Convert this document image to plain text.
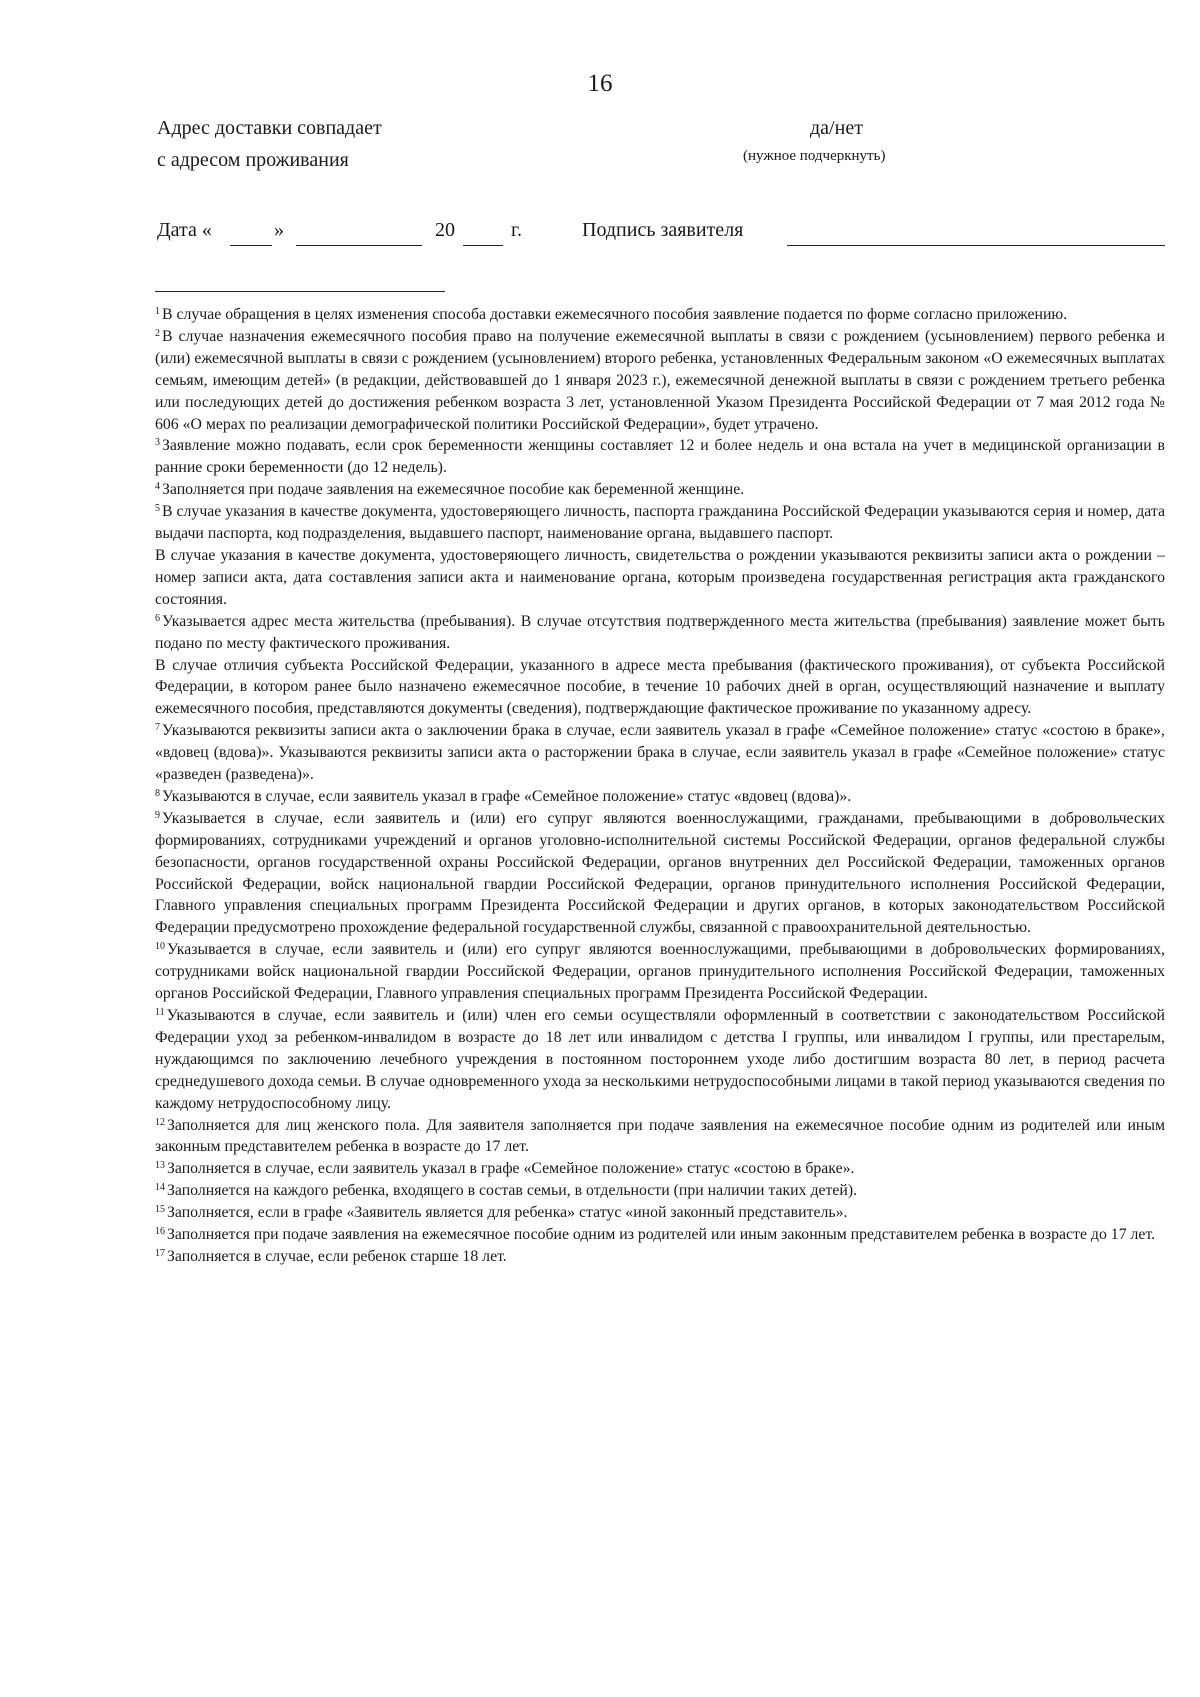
16
Адрес доставки совпадает
с адресом проживания
да/нет
(нужное подчеркнуть)
Дата «	»	20	г.	Подпись заявителя

$^1$ В случае обращения в целях изменения способа доставки ежемесячного пособия заявление подается по форме согласно приложению.

$^2$ В случае назначения ежемесячного пособия право на получение ежемесячной выплаты в связи с рождением (усыновлением) первого ребенка и (или) ежемесячной выплаты в связи с рождением (усыновлением) второго ребенка, установленных Федеральным законом «О ежемесячных выплатах семьям, имеющим детей» (в редакции, действовавшей до 1 января 2023 г.), ежемесячной денежной выплаты в связи с рождением третьего ребенка или последующих детей до достижения ребенком возраста 3 лет, установленной Указом Президента Российской Федерации от 7 мая 2012 года № 606 «О мерах по реализации демографической политики Российской Федерации», будет утрачено.

$^3$ Заявление можно подавать, если срок беременности женщины составляет 12 и более недель и она встала на учет в медицинской организации в ранние сроки беременности (до 12 недель).

$^4$ Заполняется при подаче заявления на ежемесячное пособие как беременной женщине.

$^5$ В случае указания в качестве документа, удостоверяющего личность, паспорта гражданина Российской Федерации указываются серия и номер, дата выдачи паспорта, код подразделения, выдавшего паспорт, наименование органа, выдавшего паспорт.

В случае указания в качестве документа, удостоверяющего личность, свидетельства о рождении указываются реквизиты записи акта о рождении – номер записи акта, дата составления записи акта и наименование органа, которым произведена государственная регистрация акта гражданского состояния.

$^6$ Указывается адрес места жительства (пребывания). В случае отсутствия подтвержденного места жительства (пребывания) заявление может быть подано по месту фактического проживания.

В случае отличия субъекта Российской Федерации, указанного в адресе места пребывания (фактического проживания), от субъекта Российской Федерации, в котором ранее было назначено ежемесячное пособие, в течение 10 рабочих дней в орган, осуществляющий назначение и выплату ежемесячного пособия, представляются документы (сведения), подтверждающие фактическое проживание по указанному адресу.

$^7$ Указываются реквизиты записи акта о заключении брака в случае, если заявитель указал в графе «Семейное положение» статус «состою в браке», «вдовец (вдова)». Указываются реквизиты записи акта о расторжении брака в случае, если заявитель указал в графе «Семейное положение» статус «разведен (разведена)».

$^8$ Указываются в случае, если заявитель указал в графе «Семейное положение» статус «вдовец (вдова)».

$^9$ Указывается в случае, если заявитель и (или) его супруг являются военнослужащими, гражданами, пребывающими в добровольческих формированиях, сотрудниками учреждений и органов уголовно-исполнительной системы Российской Федерации, органов федеральной службы безопасности, органов государственной охраны Российской Федерации, органов внутренних дел Российской Федерации, таможенных органов Российской Федерации, войск национальной гвардии Российской Федерации, органов принудительного исполнения Российской Федерации, Главного управления специальных программ Президента Российской Федерации и других органов, в которых законодательством Российской Федерации предусмотрено прохождение федеральной государственной службы, связанной с правоохранительной деятельностью.

$^{10}$ Указывается в случае, если заявитель и (или) его супруг являются военнослужащими, пребывающими в добровольческих формированиях, сотрудниками войск национальной гвардии Российской Федерации, органов принудительного исполнения Российской Федерации, таможенных органов Российской Федерации, Главного управления специальных программ Президента Российской Федерации.

$^{11}$ Указываются в случае, если заявитель и (или) член его семьи осуществляли оформленный в соответствии с законодательством Российской Федерации уход за ребенком-инвалидом в возрасте до 18 лет или инвалидом с детства I группы, или инвалидом I группы, или престарелым, нуждающимся по заключению лечебного учреждения в постоянном постороннем уходе либо достигшим возраста 80 лет, в период расчета среднедушевого дохода семьи. В случае одновременного ухода за несколькими нетрудоспособными лицами в такой период указываются сведения по каждому нетрудоспособному лицу.

$^{12}$ Заполняется для лиц женского пола. Для заявителя заполняется при подаче заявления на ежемесячное пособие одним из родителей или иным законным представителем ребенка в возрасте до 17 лет.

$^{13}$ Заполняется в случае, если заявитель указал в графе «Семейное положение» статус «состою в браке».

$^{14}$ Заполняется на каждого ребенка, входящего в состав семьи, в отдельности (при наличии таких детей).

$^{15}$ Заполняется, если в графе «Заявитель является для ребенка» статус «иной законный представитель».

$^{16}$ Заполняется при подаче заявления на ежемесячное пособие одним из родителей или иным законным представителем ребенка в возрасте до 17 лет.

$^{17}$ Заполняется в случае, если ребенок старше 18 лет.
